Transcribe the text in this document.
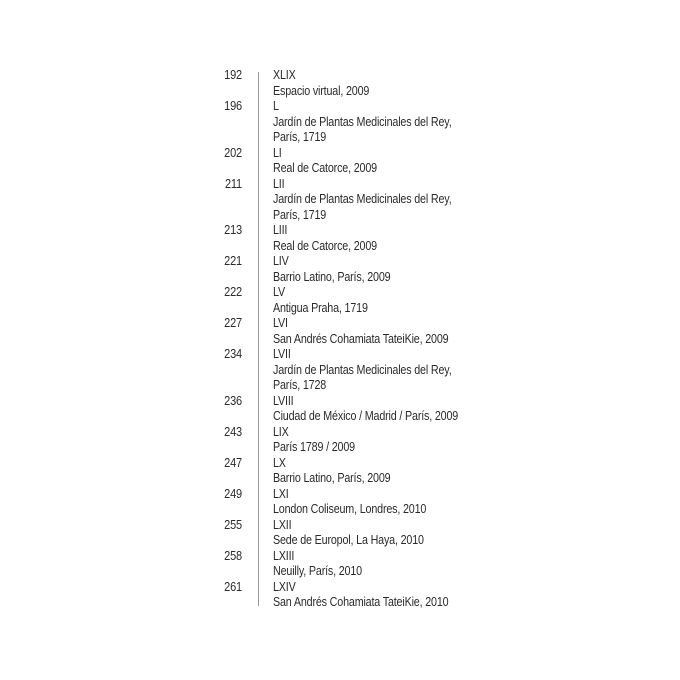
192 XLIX
Espacio virtual, 2009
196 L
Jardín de Plantas Medicinales del Rey,
París, 1719
202 LI
Real de Catorce, 2009
211 LII
Jardín de Plantas Medicinales del Rey,
París, 1719
213 LIII
Real de Catorce, 2009
221 LIV
Barrio Latino, París, 2009
222 LV
Antigua Praha, 1719
227 LVI
San Andrés Cohamiata TateiKie, 2009
234 LVII
Jardín de Plantas Medicinales del Rey,
París, 1728
236 LVIII
Ciudad de México / Madrid / París, 2009
243 LIX
París 1789 / 2009
247 LX
Barrio Latino, París, 2009
249 LXI
London Coliseum, Londres, 2010
255 LXII
Sede de Europol, La Haya, 2010
258 LXIII
Neuilly, París, 2010
261 LXIV
San Andrés Cohamiata TateiKie, 2010
